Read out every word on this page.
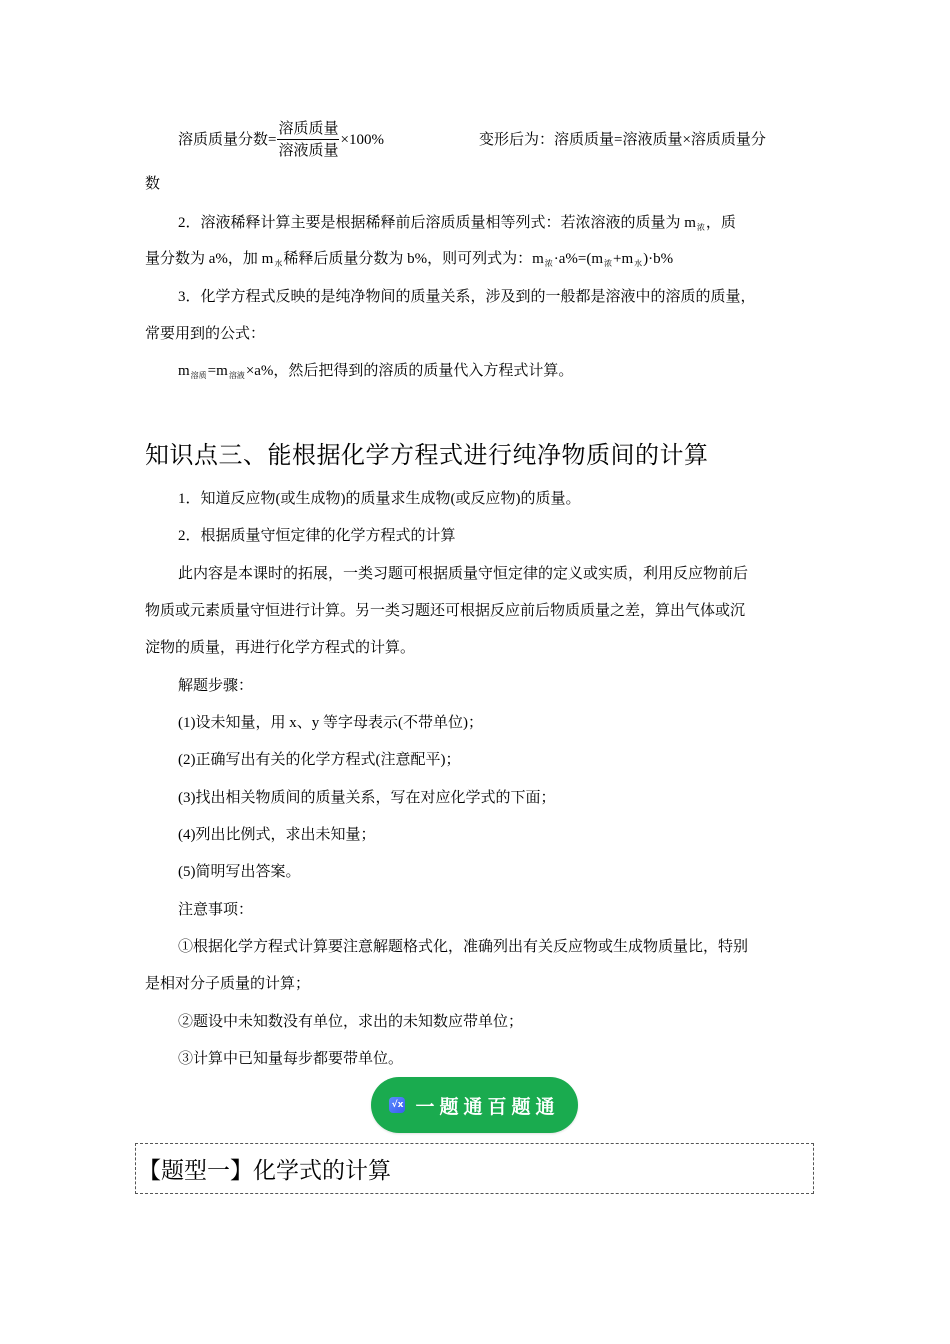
溶质质量分数= $\frac{\text{溶质质量}}{\text{溶液质量}} \times 100\%$	变形后为：溶质质量=溶液质量×溶质质量分
数
2．溶液稀释计算主要是根据稀释前后溶质质量相等列式：若浓溶液的质量为 $m_浓$，质
量分数为 a%，加 $m_水$稀释后质量分数为 b%，则可列式为：$m_浓\cdot a\%=(m_浓+m_水)\cdot b\%$
3．化学方程式反映的是纯净物间的质量关系，涉及到的一般都是溶液中的溶质的质量，
常要用到的公式：
$m_{溶质}=m_{溶液}\times a\%$，然后把得到的溶质的质量代入方程式计算。
知识点三、能根据化学方程式进行纯净物质间的计算
1．知道反应物(或生成物)的质量求生成物(或反应物)的质量。
2．根据质量守恒定律的化学方程式的计算
此内容是本课时的拓展，一类习题可根据质量守恒定律的定义或实质，利用反应物前后
物质或元素质量守恒进行计算。另一类习题还可根据反应前后物质质量之差，算出气体或沉
淀物的质量，再进行化学方程式的计算。
解题步骤：
(1)设未知量，用 x、y 等字母表示(不带单位)；
(2)正确写出有关的化学方程式(注意配平)；
(3)找出相关物质间的质量关系，写在对应化学式的下面；
(4)列出比例式，求出未知量；
(5)简明写出答案。
注意事项：
①根据化学方程式计算要注意解题格式化，准确列出有关反应物或生成物质量比，特别
是相对分子质量的计算；
②题设中未知数没有单位，求出的未知数应带单位；
③计算中已知量每步都要带单位。
√x 一题通百题通
【题型一】化学式的计算
